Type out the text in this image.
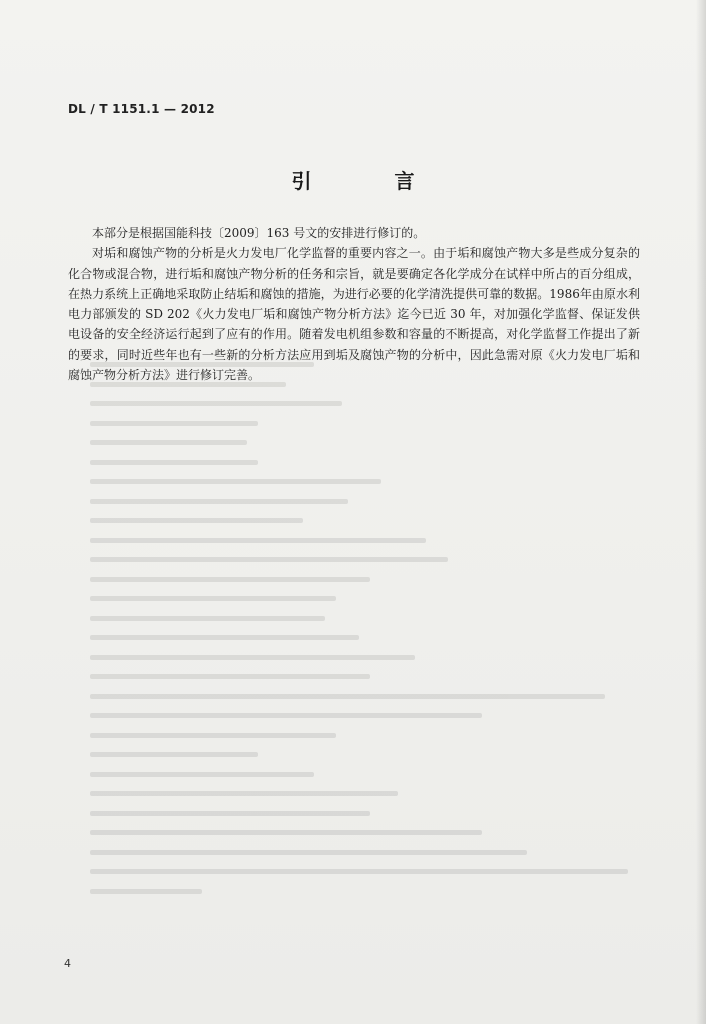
DL / T 1151.1 — 2012
引 言

本部分是根据国能科技〔2009〕163 号文的安排进行修订的。

对垢和腐蚀产物的分析是火力发电厂化学监督的重要内容之一。由于垢和腐蚀产物大多是些成分复杂的化合物或混合物，进行垢和腐蚀产物分析的任务和宗旨，就是要确定各化学成分在试样中所占的百分组成，在热力系统上正确地采取防止结垢和腐蚀的措施，为进行必要的化学清洗提供可靠的数据。1986年由原水利电力部颁发的 SD 202《火力发电厂垢和腐蚀产物分析方法》迄今已近 30 年，对加强化学监督、保证发供电设备的安全经济运行起到了应有的作用。随着发电机组参数和容量的不断提高，对化学监督工作提出了新的要求，同时近些年也有一些新的分析方法应用到垢及腐蚀产物的分析中，因此急需对原《火力发电厂垢和腐蚀产物分析方法》进行修订完善。

4
